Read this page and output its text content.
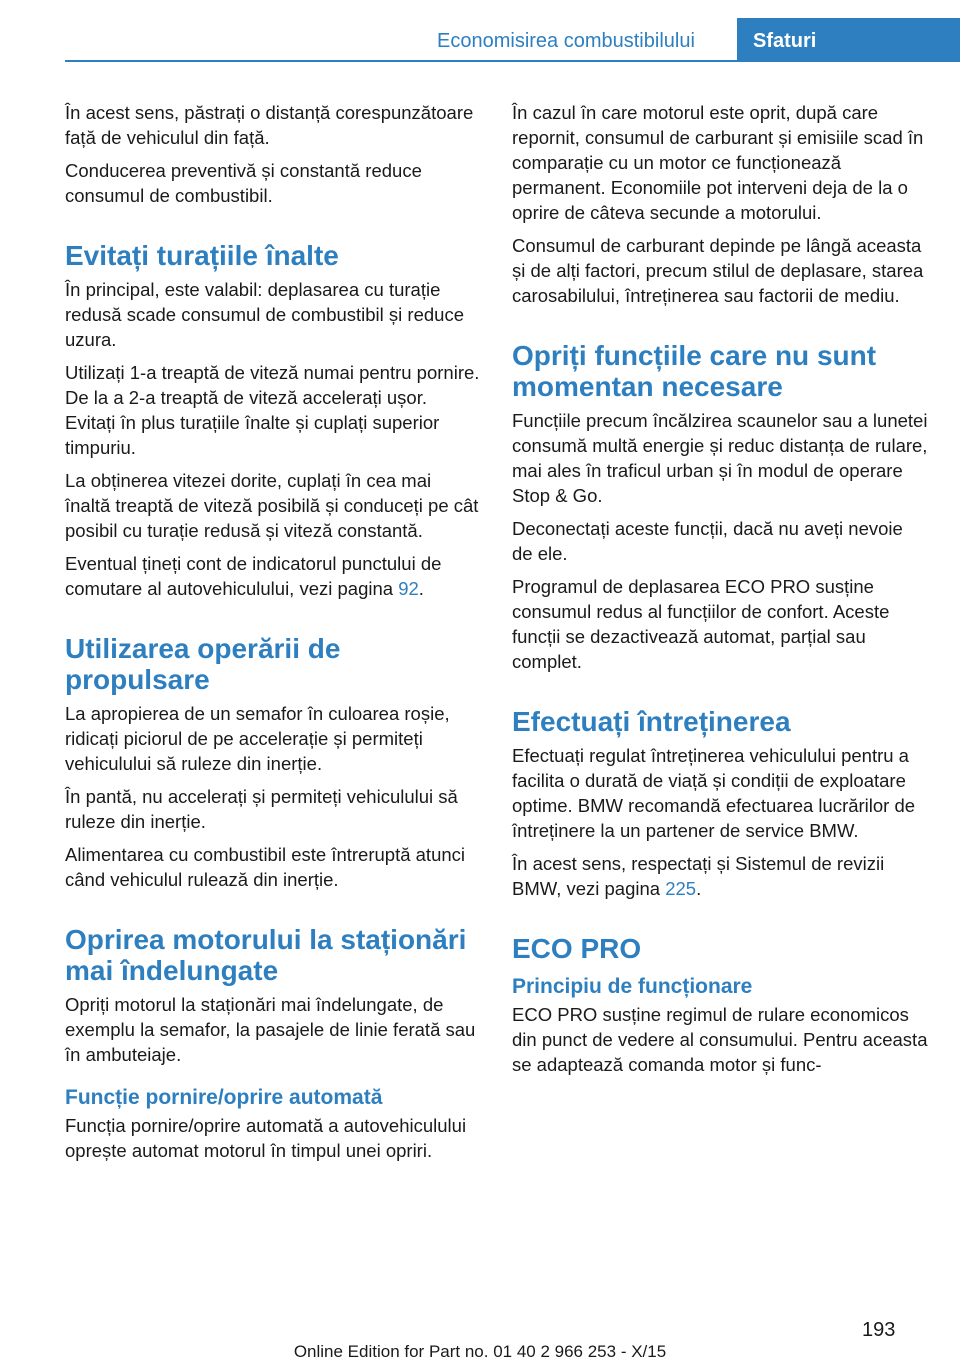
Economisirea combustibilului	Sfaturi

În acest sens, păstrați o distanță corespunzătoare față de vehiculul din față.

Conducerea preventivă și constantă reduce consumul de combustibil.

Evitați turațiile înalte

În principal, este valabil: deplasarea cu turație redusă scade consumul de combustibil și reduce uzura.

Utilizați 1-a treaptă de viteză numai pentru pornire. De la a 2-a treaptă de viteză accelerați ușor. Evitați în plus turațiile înalte și cuplați superior timpuriu.

La obținerea vitezei dorite, cuplați în cea mai înaltă treaptă de viteză posibilă și conduceți pe cât posibil cu turație redusă și viteză constantă.

Eventual țineți cont de indicatorul punctului de comutare al autovehiculului, vezi pagina 92.

Utilizarea operării de propulsare

La apropierea de un semafor în culoarea roșie, ridicați piciorul de pe accelerație și permiteți vehiculului să ruleze din inerție.

În pantă, nu accelerați și permiteți vehiculului să ruleze din inerție.

Alimentarea cu combustibil este întreruptă atunci când vehiculul rulează din inerție.

Oprirea motorului la staționări mai îndelungate

Opriți motorul la staționări mai îndelungate, de exemplu la semafor, la pasajele de linie ferată sau în ambuteiaje.

Funcție pornire/oprire automată

Funcția pornire/oprire automată a autovehiculului oprește automat motorul în timpul unei opriri.

În cazul în care motorul este oprit, după care repornit, consumul de carburant și emisiile scad în comparație cu un motor ce funcționează permanent. Economiile pot interveni deja de la o oprire de câteva secunde a motorului.

Consumul de carburant depinde pe lângă aceasta și de alți factori, precum stilul de deplasare, starea carosabilului, întreținerea sau factorii de mediu.

Opriți funcțiile care nu sunt momentan necesare

Funcțiile precum încălzirea scaunelor sau a lunetei consumă multă energie și reduc distanța de rulare, mai ales în traficul urban și în modul de operare Stop & Go.

Deconectați aceste funcții, dacă nu aveți nevoie de ele.

Programul de deplasarea ECO PRO susține consumul redus al funcțiilor de confort. Aceste funcții se dezactivează automat, parțial sau complet.

Efectuați întreținerea

Efectuați regulat întreținerea vehiculului pentru a facilita o durată de viață și condiții de exploatare optime. BMW recomandă efectuarea lucrărilor de întreținere la un partener de service BMW.

În acest sens, respectați și Sistemul de revizii BMW, vezi pagina 225.

ECO PRO
Principiu de funcționare

ECO PRO susține regimul de rulare economicos din punct de vedere al consumului. Pentru aceasta se adaptează comanda motor și func-

193
Online Edition for Part no. 01 40 2 966 253 - X/15
